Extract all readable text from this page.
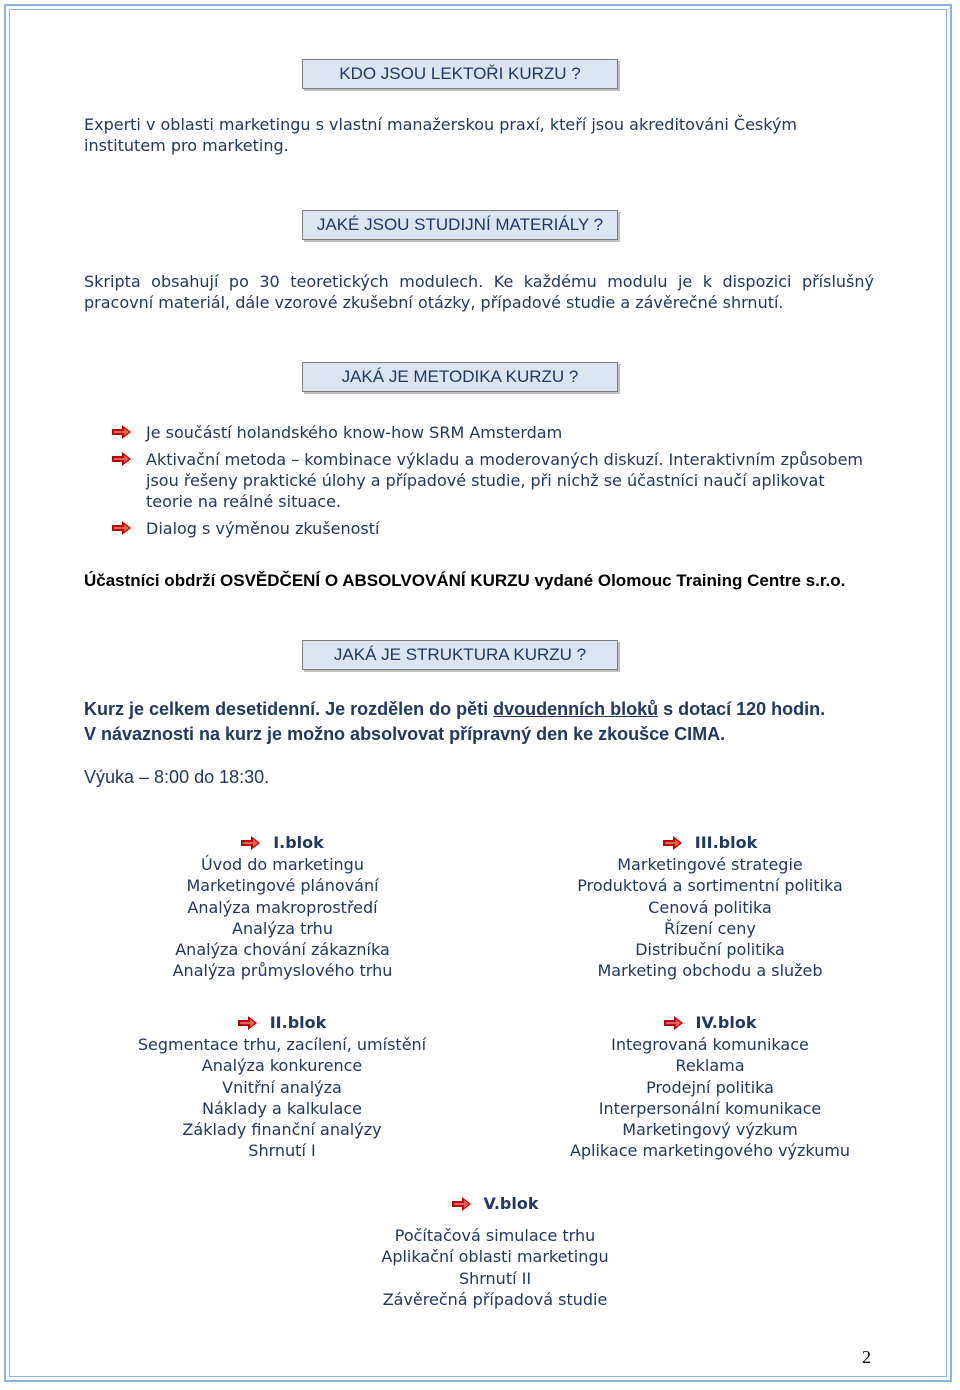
KDO JSOU LEKTOŘI KURZU ?
Experti v oblasti marketingu s vlastní manažerskou praxí, kteří jsou akreditováni Českým institutem pro marketing.
JAKÉ JSOU STUDIJNÍ MATERIÁLY ?
Skripta obsahují po 30 teoretických modulech. Ke každému modulu je k dispozici příslušný pracovní materiál, dále vzorové zkušební otázky, případové studie a závěrečné shrnutí.
JAKÁ JE METODIKA KURZU ?
Je součástí holandského know-how SRM Amsterdam
Aktivační metoda – kombinace výkladu a moderovaných diskuzí. Interaktivním způsobem jsou řešeny praktické úlohy a případové studie, při nichž se účastníci naučí aplikovat teorie na reálné situace.
Dialog s výměnou zkušeností
Účastníci obdrží OSVĚDČENÍ O ABSOLVOVÁNÍ KURZU vydané Olomouc Training Centre s.r.o.
JAKÁ JE STRUKTURA KURZU ?
Kurz je celkem desetidenní. Je rozdělen do pěti dvoudenních bloků s dotací 120 hodin.
V návaznosti na kurz je možno absolvovat přípravný den ke zkoušce CIMA.
Výuka – 8:00 do 18:30.
I.blok
Úvod do marketingu
Marketingové plánování
Analýza makroprostředí
Analýza trhu
Analýza chování zákazníka
Analýza průmyslového trhu
III.blok
Marketingové strategie
Produktová a sortimentní politika
Cenová politika
Řízení ceny
Distribuční politika
Marketing obchodu a služeb
II.blok
Segmentace trhu, zacílení, umístění
Analýza konkurence
Vnitřní analýza
Náklady a kalkulace
Základy finanční analýzy
Shrnutí I
IV.blok
Integrovaná komunikace
Reklama
Prodejní politika
Interpersonální komunikace
Marketingový výzkum
Aplikace marketingového výzkumu
V.blok
Počítačová simulace trhu
Aplikační oblasti marketingu
Shrnutí II
Závěrečná případová studie
2
